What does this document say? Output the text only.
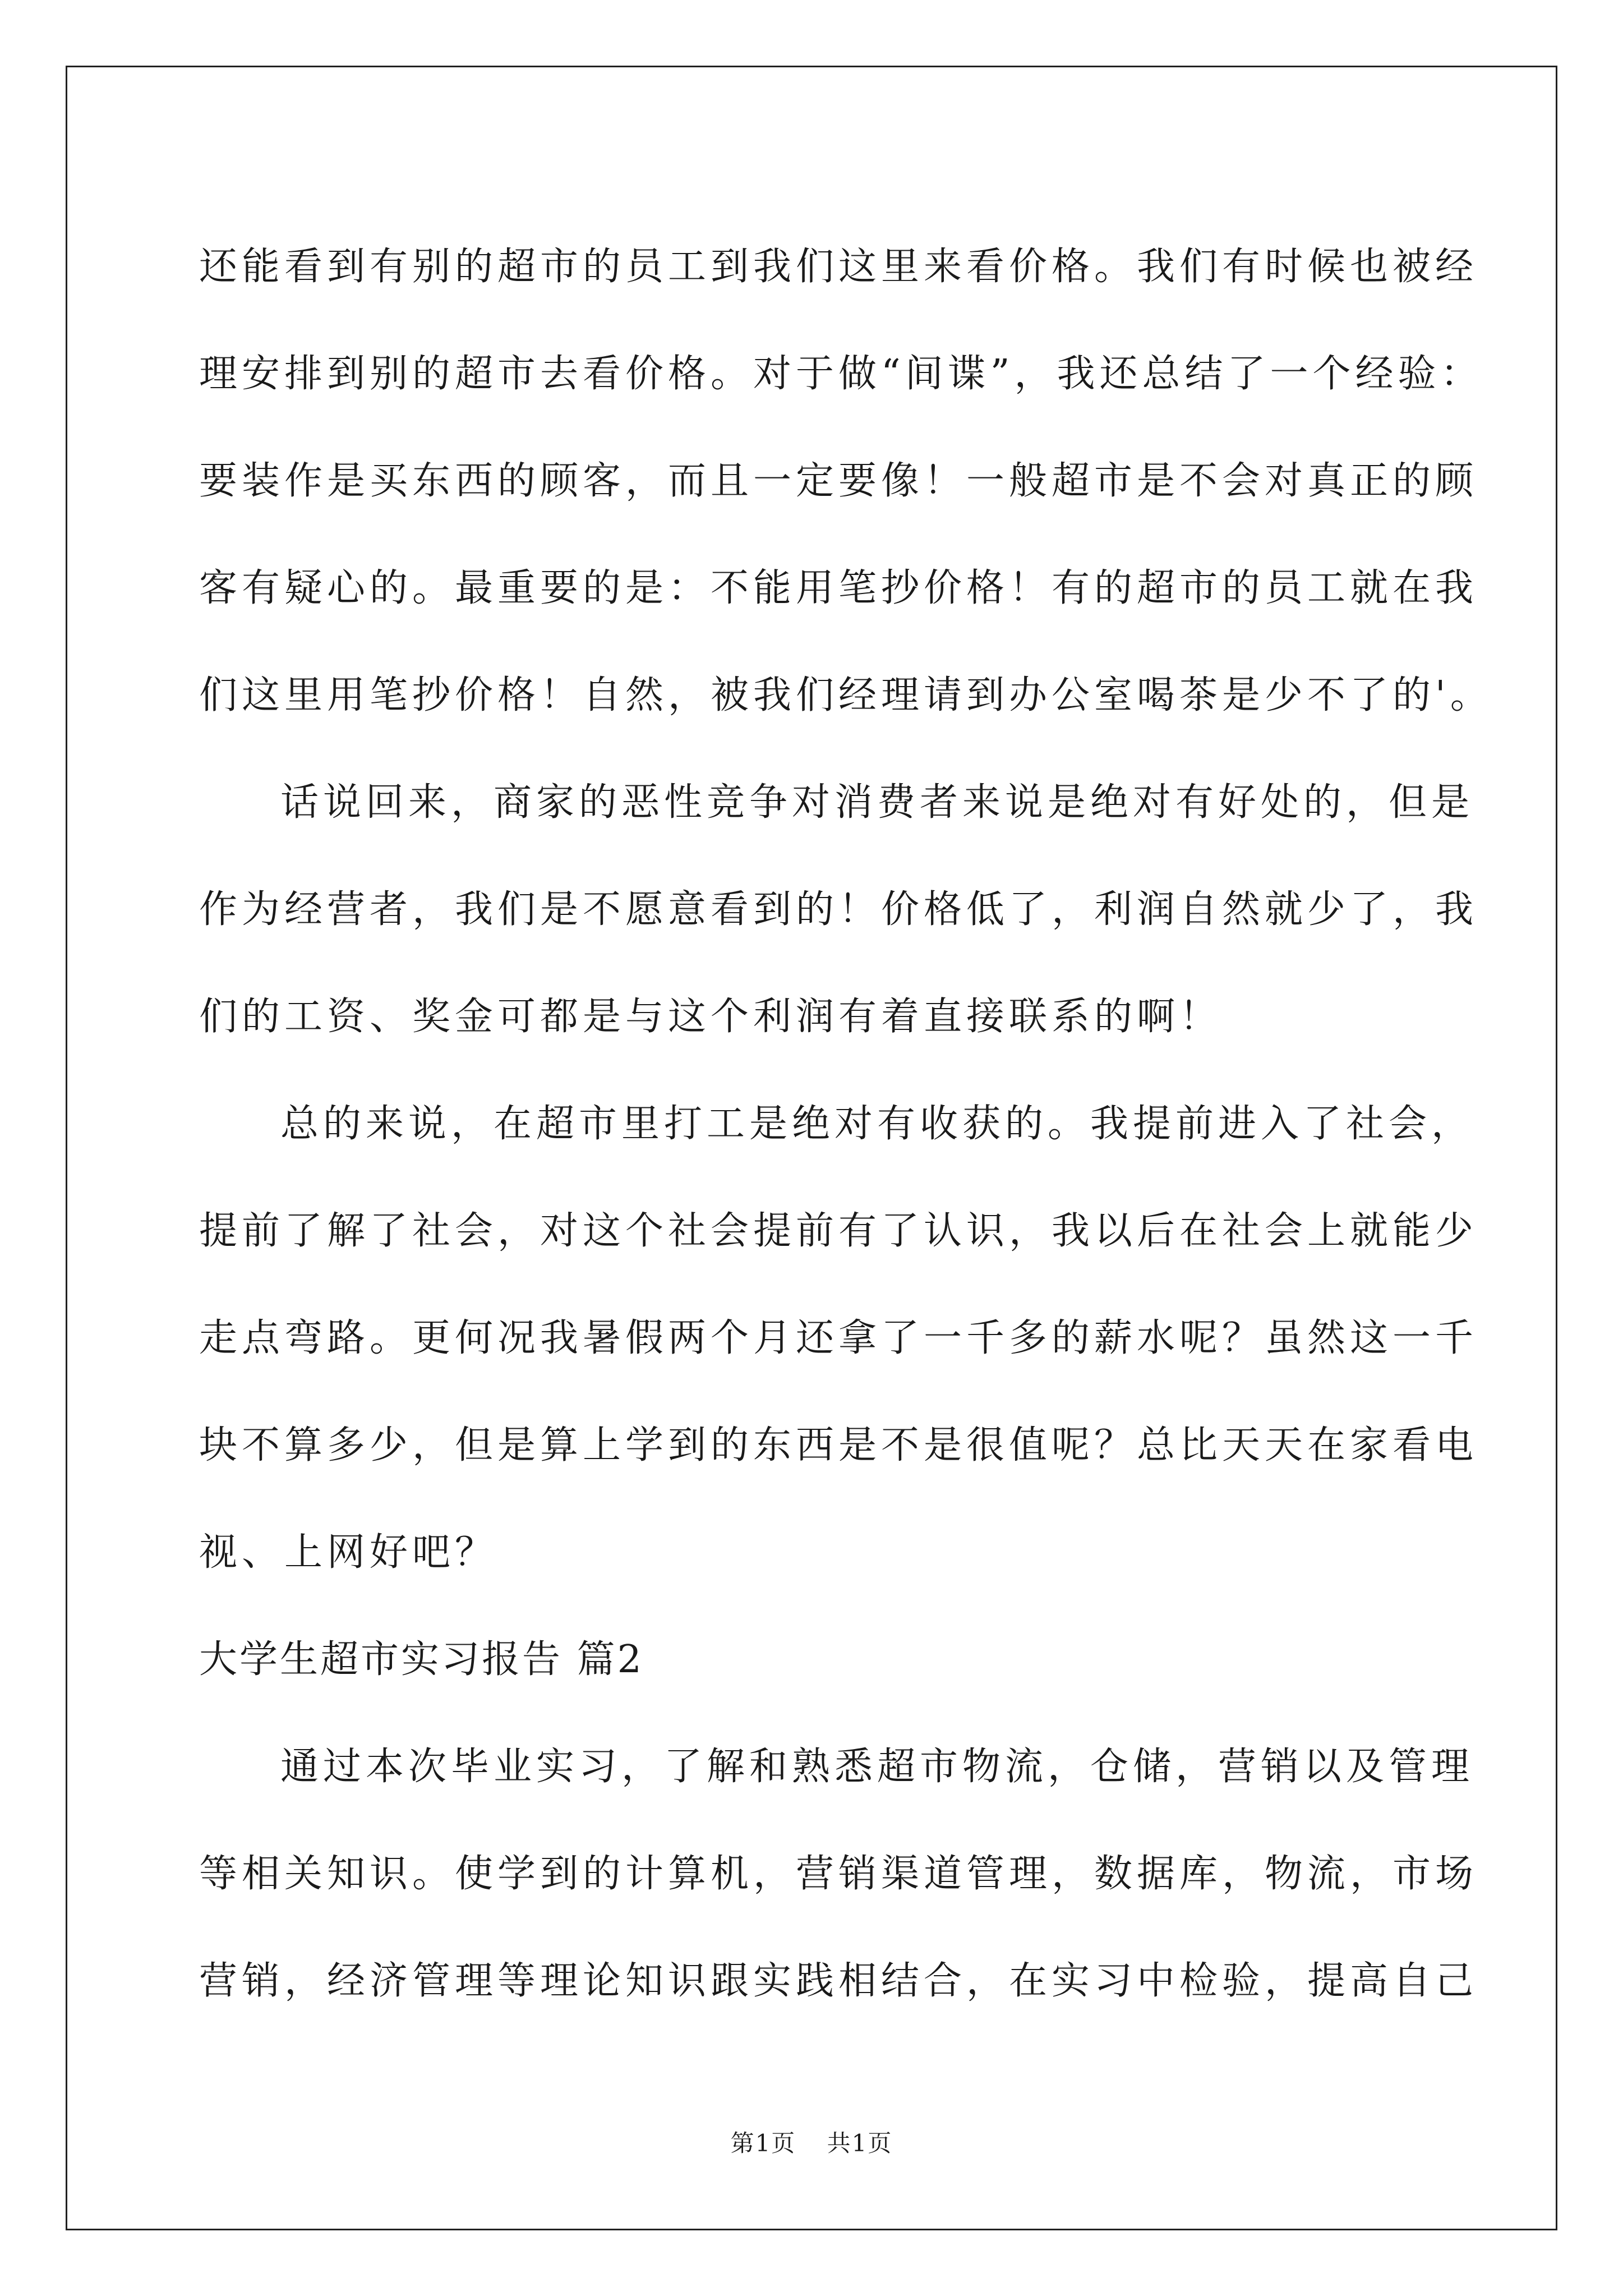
还能看到有别的超市的员工到我们这里来看价格。我们有时候也被经
理安排到别的超市去看价格。对于做“间谍”，我还总结了一个经验：
要装作是买东西的顾客，而且一定要像！一般超市是不会对真正的顾
客有疑心的。最重要的是：不能用笔抄价格！有的超市的员工就在我
们这里用笔抄价格！自然，被我们经理请到办公室喝茶是少不了的'。
话说回来，商家的恶性竞争对消费者来说是绝对有好处的，但是
作为经营者，我们是不愿意看到的！价格低了，利润自然就少了，我
们的工资、奖金可都是与这个利润有着直接联系的啊！
总的来说，在超市里打工是绝对有收获的。我提前进入了社会，
提前了解了社会，对这个社会提前有了认识，我以后在社会上就能少
走点弯路。更何况我暑假两个月还拿了一千多的薪水呢？虽然这一千
块不算多少，但是算上学到的东西是不是很值呢？总比天天在家看电
视、上网好吧？
大学生超市实习报告 篇2
通过本次毕业实习，了解和熟悉超市物流，仓储，营销以及管理
等相关知识。使学到的计算机，营销渠道管理，数据库，物流，市场
营销，经济管理等理论知识跟实践相结合，在实习中检验，提高自己
第1页 共1页
